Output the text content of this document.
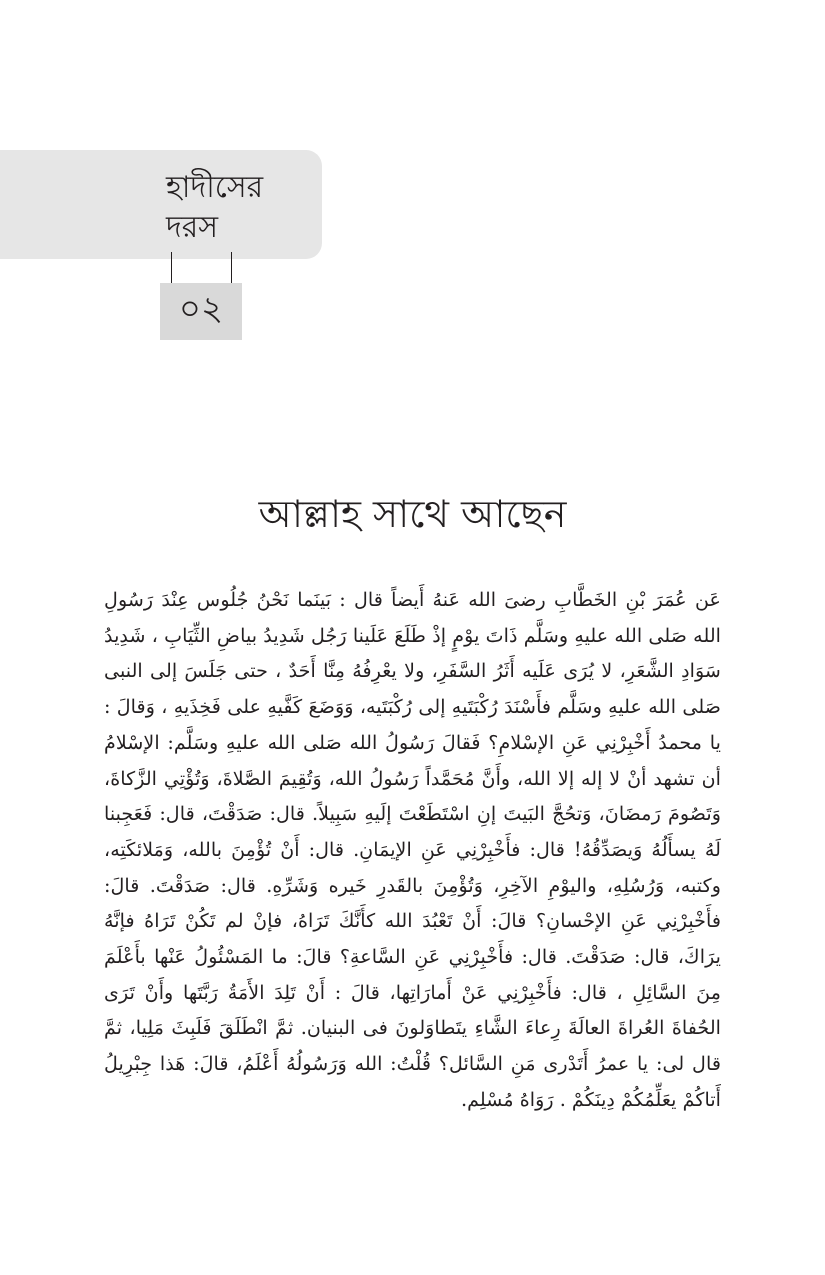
হাদীসের
দরস
০২
আল্লাহ সাথে আছেন

عَن عُمَرَ بْنِ الخَطَّابِ رضىَ الله عَنهُ أَيضاً قال : بَينَما نَحْنُ جُلُوس عِنْدَ رَسُولِ الله صَلى الله عليهِ وسَلَّم ذَاتَ يوْمٍ إذْ طَلَعَ عَلَينا رَجُل شَدِيدُ بياضِ الثِّيَابِ ، شَدِيدُ سَوَادِ الشَّعَرِ، لا يُرَى عَلَيه أَثَرُ السَّفَرِ، ولا يعْرِفُهُ مِنَّا أَحَدٌ ، حتى جَلَسَ إلى النبى صَلى الله عليهِ وسَلَّم فأَسْنَدَ رُكْبَتَيهِ إلى رُكْبَتَيه، وَوَضَعَ كَفَّيهِ على فَخِذَيهِ ، وَقالَ : يا محمدُ أَخْبِرْنِي عَنِ الإسْلامِ؟ فَقالَ رَسُولُ الله صَلى الله عليهِ وسَلَّم: الإسْلامُ أن تشهد أنْ لا إله إلا الله، وأَنَّ مُحَمَّداً رَسُولُ الله، وَتُقِيمَ الصَّلاةَ، وَتُؤْتِي الزَّكاةَ، وَتَصُومَ رَمضَانَ، وَتحُجَّ البَيتَ إنِ اسْتَطَعْتَ إلَيهِ سَبِيلاً. قال: صَدَقْتَ، قال: فَعَجِبنا لَهُ يسأَلُهُ وَيصَدِّقُهُ! قال: فأَخْبِرْنِي عَنِ الإيمَانِ. قال: أَنْ تُؤْمِنَ بالله، وَمَلائكَتِه، وكتبه، وَرُسُلِهِ، واليوْمِ الآخِرِ، وَتُؤْمِنَ بالقَدرِ خَيره وَشَرِّهِ. قال: صَدَقْتَ. قالَ: فأَخْبِرْنِي عَنِ الإحْسانِ؟ قالَ: أَنْ تَعْبُدَ الله كأَنَّكَ تَرَاهُ، فإنْ لم تَكُنْ تَرَاهُ فإنَّهُ يرَاكَ، قال: صَدَقْتَ. قال: فأَخْبِرْنِي عَنِ السَّاعةِ؟ قالَ: ما المَسْئُولُ عَنْها بأَعْلَمَ مِنَ السَّائِلِ ، قال: فأَخْبِرْنِي عَنْ أَمارَاتِها، قالَ : أَنْ تَلِدَ الأَمَةُ رَبَّتَها وأَنْ تَرَى الحُفاةَ العُراةَ العالَةَ رِعاءَ الشَّاءِ يتَطاوَلونَ فى البنيان. ثمَّ انْطَلَقَ فَلَبِثَ مَلِيا، ثمَّ قال لى: يا عمرُ أَتَدْرى مَنِ السَّائل؟ قُلْتُ: الله وَرَسُولُهُ أَعْلَمُ، قالَ: هَذا جِبْرِيلُ أَتاكُمْ يعَلِّمُكُمْ دِينَكُمْ . رَوَاهُ مُسْلِم.
